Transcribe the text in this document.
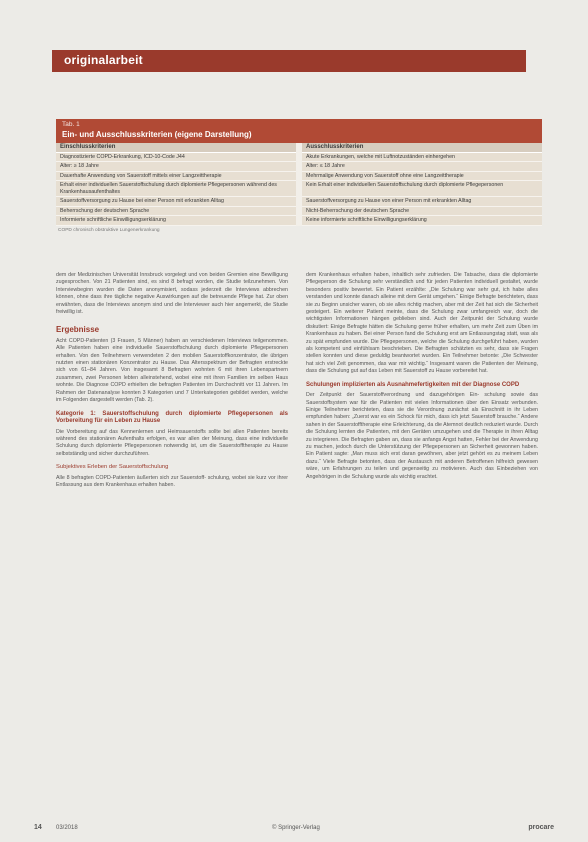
originalarbeit
Tab. 1
Ein- und Ausschlusskriterien (eigene Darstellung)
Einschlusskriterien	Ausschlusskriterien
Diagnostizierte COPD-Erkrankung, ICD-10-Code J44	Akute Erkrankungen, welche mit Luftnotzuständen einhergehen
Alter: ≥ 18 Jahre	Alter: ≤ 18 Jahre
Dauerhafte Anwendung von Sauerstoff mittels einer Langzeittherapie	Mehrmalige Anwendung von Sauerstoff ohne eine Langzeittherapie
Erhalt einer individuellen Sauerstoffschulung durch diplomierte Pflegepersonen während des Krankenhausaufenthaltes	Kein Erhalt einer individuellen Sauerstoffschulung durch diplomierte Pflegepersonen
Sauerstoffversorgung zu Hause bei einer Person mit erkrankten Alltag	Sauerstoffversorgung zu Hause von einer Person mit erkrankten Alltag
Beherrschung der deutschen Sprache	Nicht-Beherrschung der deutschen Sprache
Informierte schriftliche Einwilligungserklärung	Keine informierte schriftliche Einwilligungserklärung
COPD chronisch obstruktive Lungenerkrankung

dem der Medizinischen Universität Innsbruck vorgelegt und von beiden Gremien eine Bewilligung zugesprochen. Von 21 Patienten sind, es sind 8 befragt worden, die Studie teilzunehmen. Von Interviewbeginn wurden die Daten anonymisiert, sodass jederzeit die Interviews abbrechen können, ohne dass ihre tägliche negative Auswirkungen auf die betreuende Pflege hat. Zur oben erwähnten, dass die Interviews anonym sind und die Interviewer auch hier angemerkt, die Studie freiwillig ist.

Ergebnisse

Acht COPD-Patienten (3 Frauen, 5 Männer) haben an verschiedenen Interviews teilgenommen. Alle Patienten haben eine individuelle Sauerstoffschulung durch diplomierte Pflegepersonen erhalten. Von den Teilnehmern verwendeten 2 den mobilen Sauerstoffkonzentrator, die übrigen nutzten einen stationären Konzentrator zu Hause. Das Altersspektrum der Befragten erstreckte sich von 61–84 Jahren. Von insgesamt 8 Befragten wohnten 6 mit ihren Lebenspartnern zusammen, zwei Personen lebten alleinstehend, wobei eine mit ihren Familien im selben Haus wohnte. Die Diagnose COPD erhielten die befragten Patienten im Durchschnitt vor 11 Jahren. Im Rahmen der Datenanalyse konnten 3 Kategorien und 7 Unterkategorien gebildet werden, welche im Folgenden dargestellt werden (Tab. 2).

Kategorie 1: Sauerstoffschulung durch diplomierte Pflegepersonen als Vorbereitung für ein Leben zu Hause

Die Vorbereitung auf das Kennenlernen und Heimsauerstoffs sollte bei allen Patienten bereits während des stationären Aufenthalts erfolgen, es war allen der Meinung, dass eine individuelle Schulung durch diplomierte Pflegepersonen notwendig ist, um die Sauerstofftherapie zu Hause selbstständig und sicher durchzuführen.

Subjektives Erleben der Sauerstoffschulung

Alle 8 befragten COPD-Patienten äußerten sich zur Sauerstoff- schulung, wobei sie kurz vor ihrer Entlassung aus dem Krankenhaus erhalten haben.

dem Krankenhaus erhalten haben, inhaltlich sehr zufrieden. Die Tatsache, dass die diplomierte Pflegeperson die Schulung sehr verständlich und für jeden Patienten individuell gestaltet, wurde besonders positiv bewertet. Ein Patient erzählte: „Die Schulung war sehr gut, ich habe alles verstanden und konnte danach alleine mit dem Gerät umgehen.“ Einige Befragte berichteten, dass sie zu Beginn unsicher waren, ob sie alles richtig machen, aber mit der Zeit hat sich die Sicherheit gesteigert. Ein weiterer Patient meinte, dass die Schulung zwar umfangreich war, doch die wichtigsten Informationen hängen geblieben sind. Auch der Zeitpunkt der Schulung wurde diskutiert: Einige Befragte hätten die Schulung gerne früher erhalten, um mehr Zeit zum Üben im Krankenhaus zu haben. Bei einer Person fand die Schulung erst am Entlassungstag statt, was als zu spät empfunden wurde. Die Pflegepersonen, welche die Schulung durchgeführt haben, wurden als kompetent und einfühlsam beschrieben. Die Befragten schätzten es sehr, dass sie Fragen stellen konnten und diese geduldig beantwortet wurden. Ein Teilnehmer betonte: „Die Schwester hat sich viel Zeit genommen, das war mir wichtig.“ Insgesamt waren die Patienten der Meinung, dass die Schulung gut auf das Leben mit Sauerstoff zu Hause vorbereitet hat.

Schulungen implizierten als Ausnahmefertigkeiten mit der Diagnose COPD

Der Zeitpunkt der Sauerstoffverordnung und dazugehörigen Ein- schulung sowie das Sauerstoffsystem war für die Patienten mit vielen Informationen über den Einsatz verbunden. Einige Teilnehmer berichteten, dass sie die Verordnung zunächst als Einschnitt in ihr Leben empfunden haben: „Zuerst war es ein Schock für mich, dass ich jetzt Sauerstoff brauche.“ Andere sahen in der Sauerstofftherapie eine Erleichterung, da die Atemnot deutlich reduziert wurde. Durch die Schulung lernten die Patienten, mit den Geräten umzugehen und die Therapie in ihren Alltag zu integrieren. Die Befragten gaben an, dass sie anfangs Angst hatten, Fehler bei der Anwendung zu machen, jedoch durch die Unterstützung der Pflegepersonen an Sicherheit gewonnen haben. Ein Patient sagte: „Man muss sich erst daran gewöhnen, aber jetzt gehört es zu meinem Leben dazu.“ Viele Befragte betonten, dass der Austausch mit anderen Betroffenen hilfreich gewesen wäre, um Erfahrungen zu teilen und gegenseitig zu motivieren. Auch das Einbeziehen von Angehörigen in die Schulung wurde als wichtig erachtet.

14 03/2018	© Springer-Verlag	procare
